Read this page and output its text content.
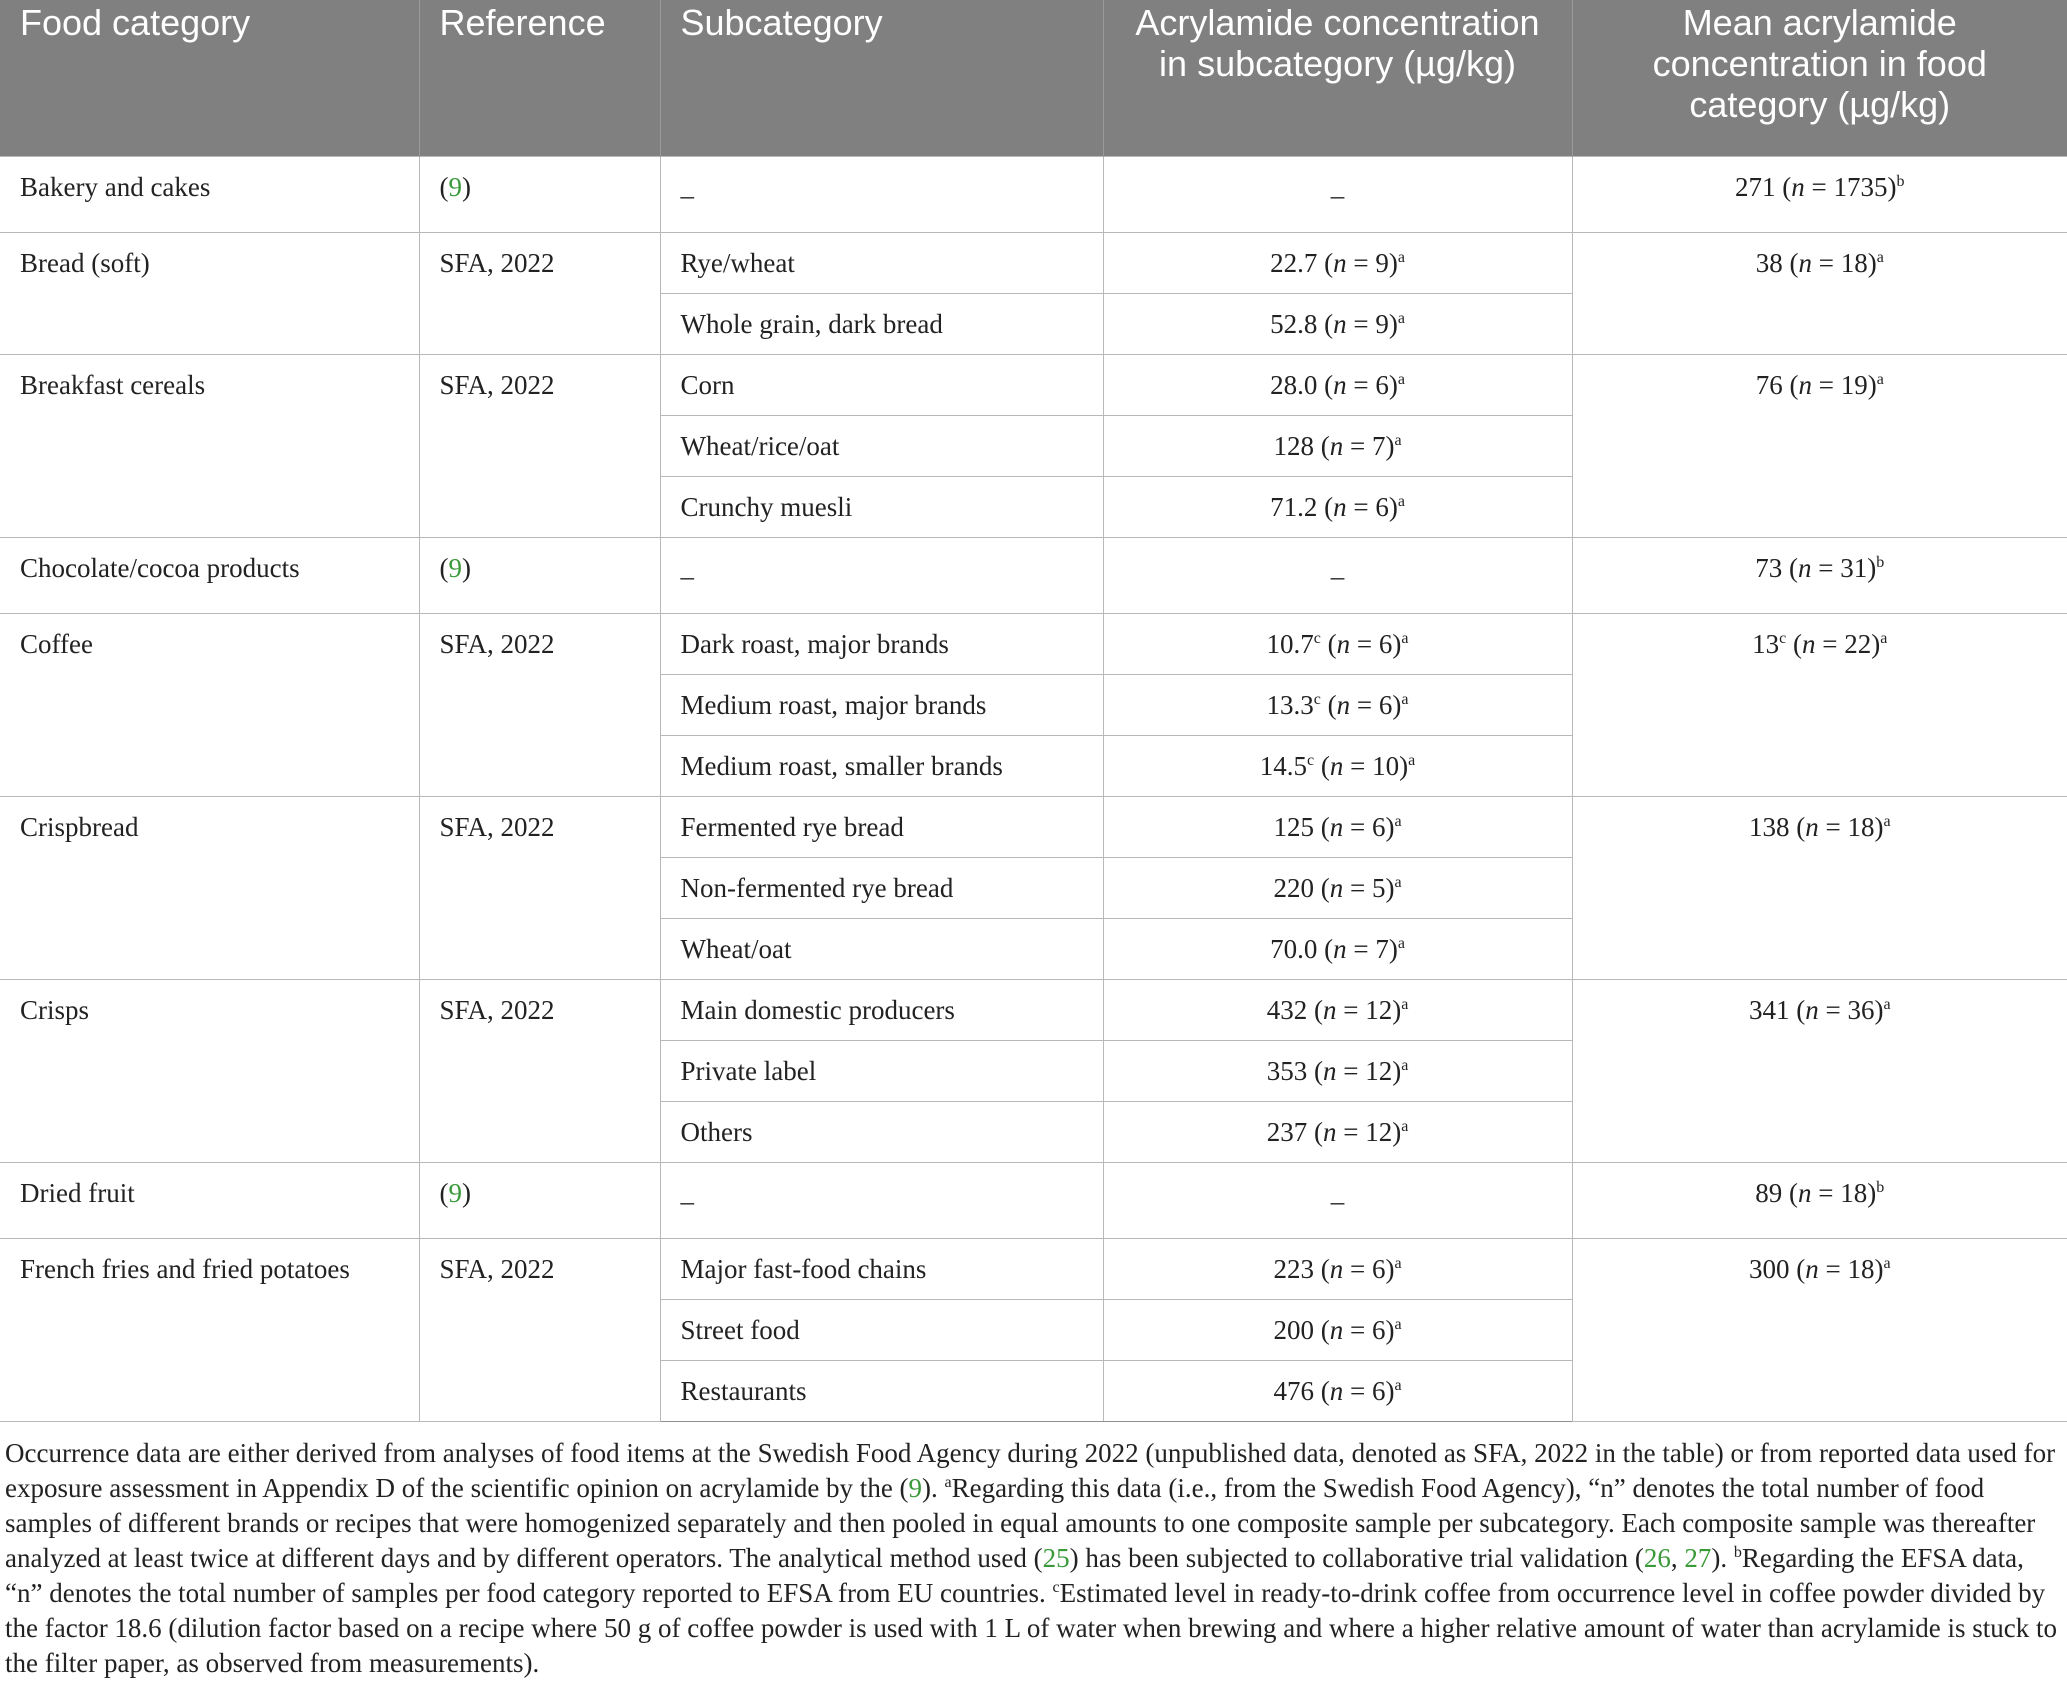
Food category	Reference	Subcategory	Acrylamide concentration in subcategory (µg/kg)	Mean acrylamide concentration in food category (µg/kg)
Bakery and cakes	(9)	–	–	271 (n = 1735)$^b$
Bread (soft)	SFA, 2022	Rye/wheat	22.7 (n = 9)$^a$	38 (n = 18)$^a$
		Whole grain, dark bread	52.8 (n = 9)$^a$
Breakfast cereals	SFA, 2022	Corn	28.0 (n = 6)$^a$	76 (n = 19)$^a$
		Wheat/rice/oat	128 (n = 7)$^a$
		Crunchy muesli	71.2 (n = 6)$^a$
Chocolate/cocoa products	(9)	–	–	73 (n = 31)$^b$
Coffee	SFA, 2022	Dark roast, major brands	10.7$^c$ (n = 6)$^a$	13$^c$ (n = 22)$^a$
		Medium roast, major brands	13.3$^c$ (n = 6)$^a$
		Medium roast, smaller brands	14.5$^c$ (n = 10)$^a$
Crispbread	SFA, 2022	Fermented rye bread	125 (n = 6)$^a$	138 (n = 18)$^a$
		Non-fermented rye bread	220 (n = 5)$^a$
		Wheat/oat	70.0 (n = 7)$^a$
Crisps	SFA, 2022	Main domestic producers	432 (n = 12)$^a$	341 (n = 36)$^a$
		Private label	353 (n = 12)$^a$
		Others	237 (n = 12)$^a$
Dried fruit	(9)	–	–	89 (n = 18)$^b$
French fries and fried potatoes	SFA, 2022	Major fast-food chains	223 (n = 6)$^a$	300 (n = 18)$^a$
		Street food	200 (n = 6)$^a$
		Restaurants	476 (n = 6)$^a$
Occurrence data are either derived from analyses of food items at the Swedish Food Agency during 2022 (unpublished data, denoted as SFA, 2022 in the table) or from reported data used for exposure assessment in Appendix D of the scientific opinion on acrylamide by the (9). $^a$Regarding this data (i.e., from the Swedish Food Agency), “n” denotes the total number of food samples of different brands or recipes that were homogenized separately and then pooled in equal amounts to one composite sample per subcategory. Each composite sample was thereafter analyzed at least twice at different days and by different operators. The analytical method used (25) has been subjected to collaborative trial validation (26, 27). $^b$Regarding the EFSA data, “n” denotes the total number of samples per food category reported to EFSA from EU countries. $^c$Estimated level in ready-to-drink coffee from occurrence level in coffee powder divided by the factor 18.6 (dilution factor based on a recipe where 50 g of coffee powder is used with 1 L of water when brewing and where a higher relative amount of water than acrylamide is stuck to the filter paper, as observed from measurements).
